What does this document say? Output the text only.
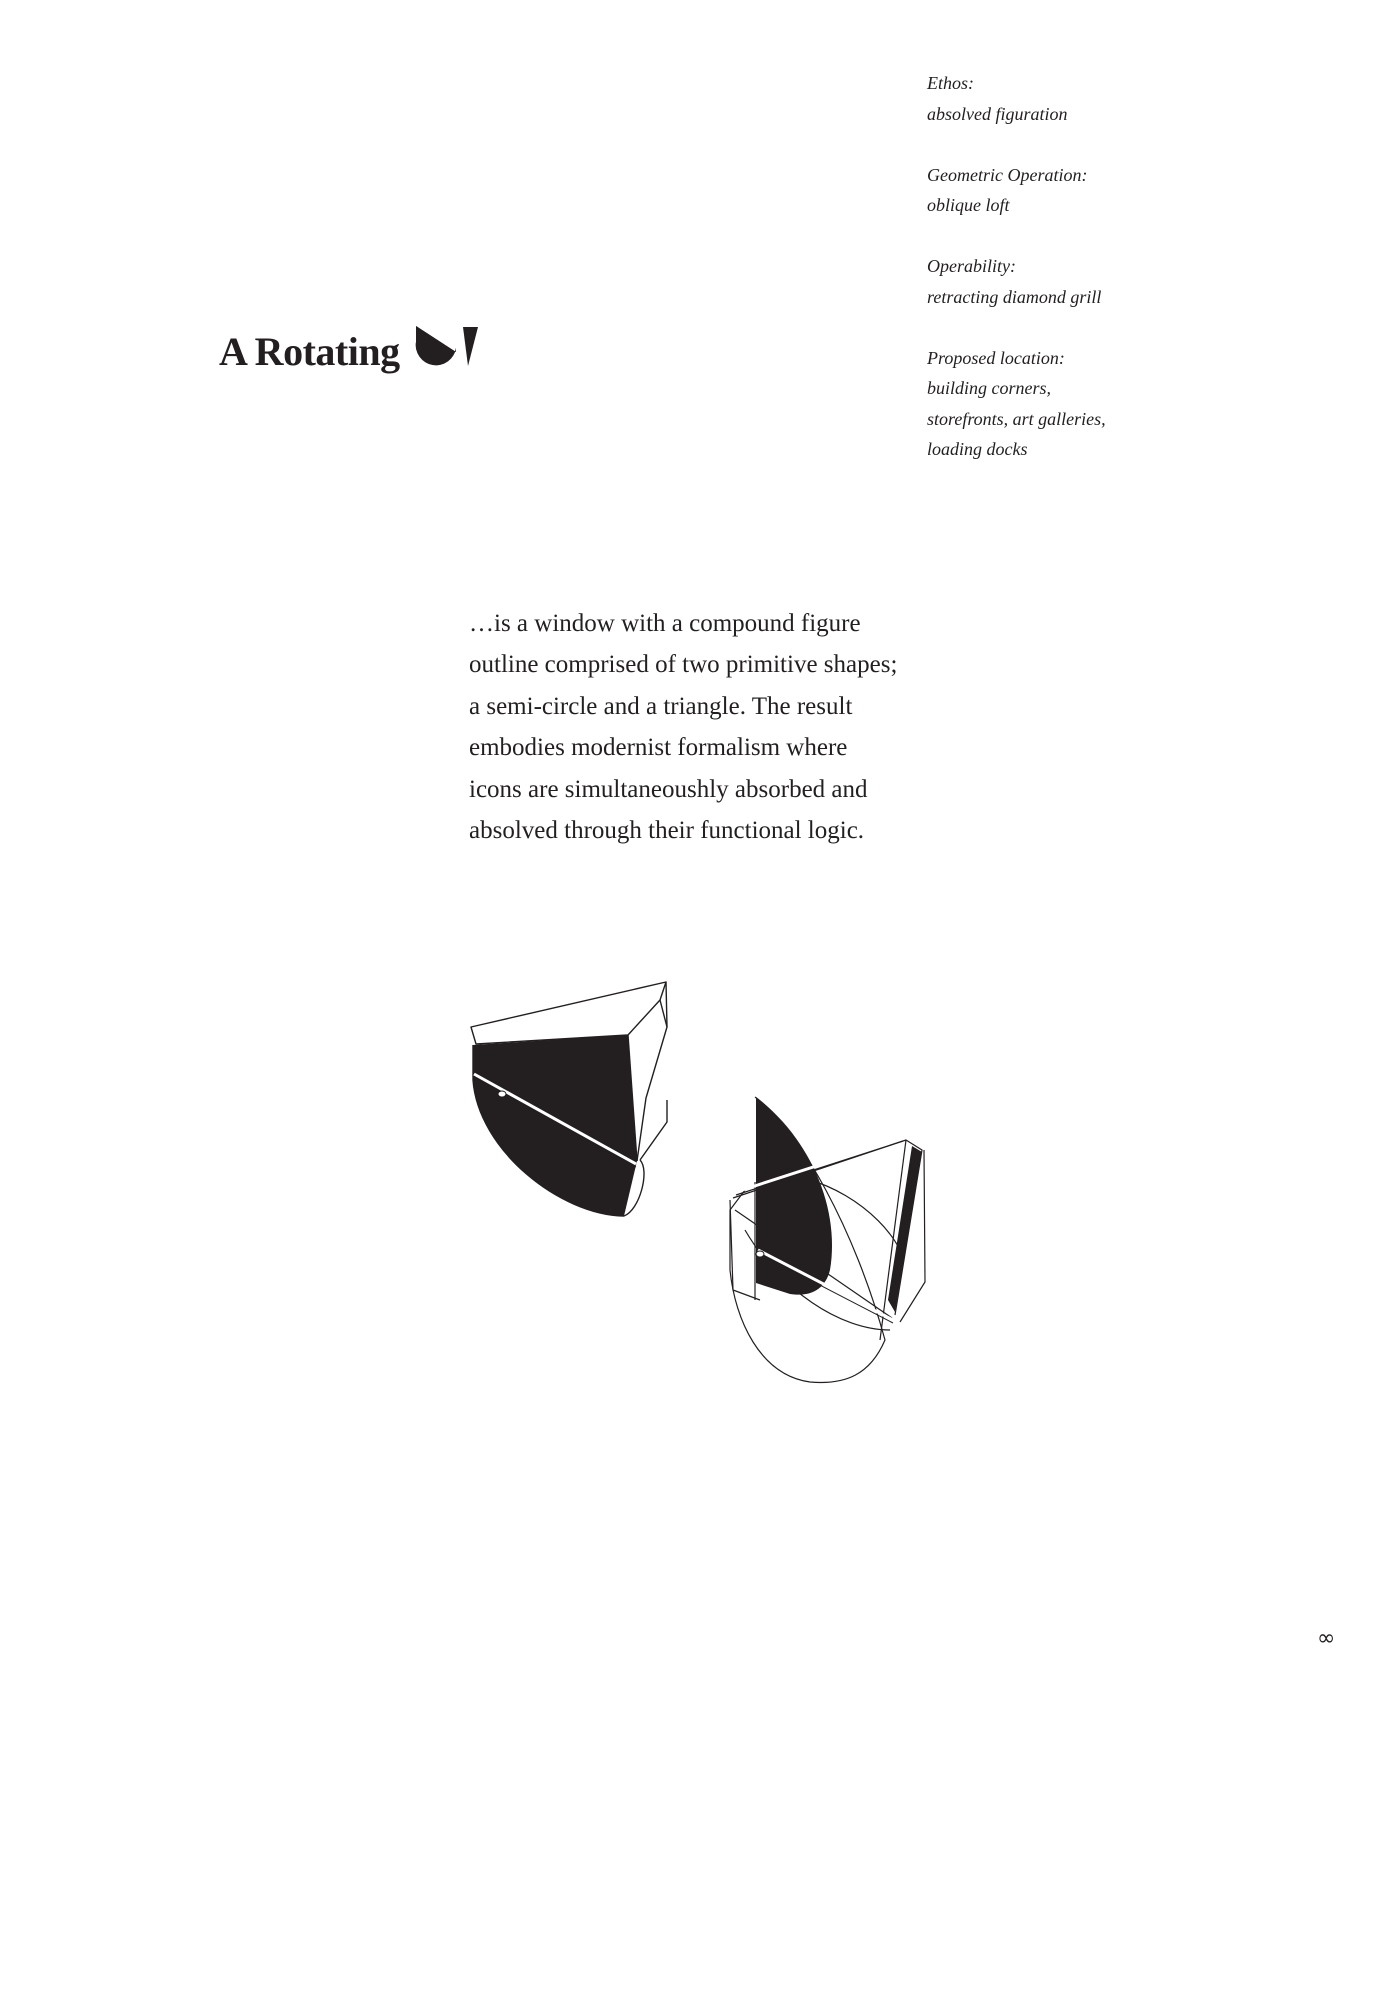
A Rotating
Ethos:
absolved figuration
Geometric Operation:
oblique loft
Operability:
retracting diamond grill
Proposed location:
building corners,
storefronts, art galleries,
loading docks
…is a window with a compound figure
outline comprised of two primitive shapes;
a semi-circle and a triangle. The result
embodies modernist formalism where
icons are simultaneoushly absorbed and
absolved through their functional logic.
∞
